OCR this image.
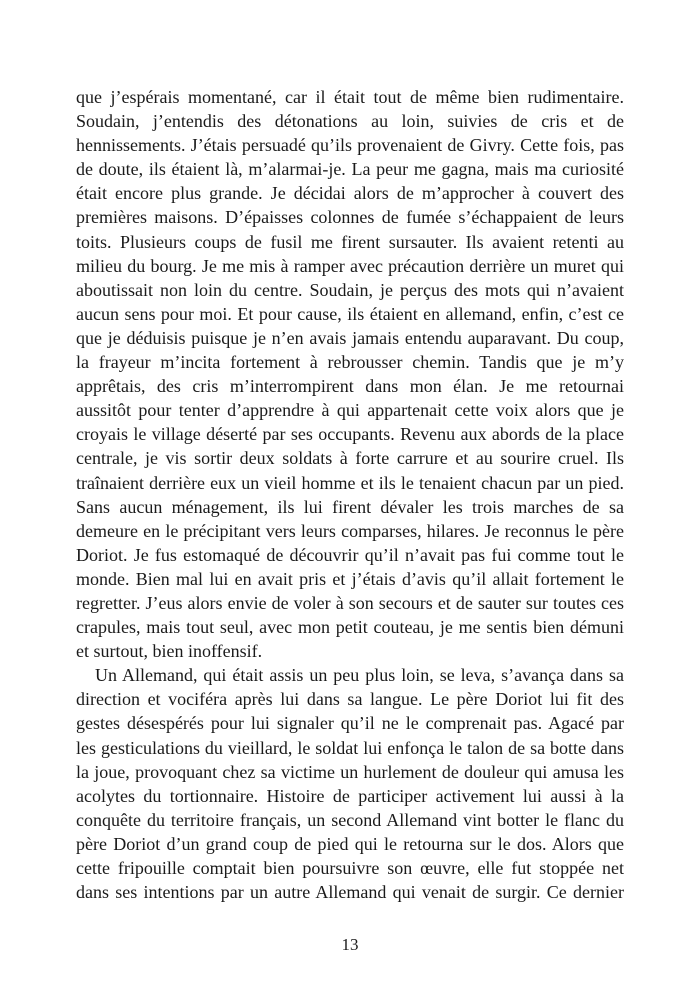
que j’espérais momentané, car il était tout de même bien rudimentaire.
Soudain, j’entendis des détonations au loin, suivies de cris et de
hennissements. J’étais persuadé qu’ils provenaient de Givry. Cette fois, pas
de doute, ils étaient là, m’alarmai-je. La peur me gagna, mais ma curiosité
était encore plus grande. Je décidai alors de m’approcher à couvert des
premières maisons. D’épaisses colonnes de fumée s’échappaient de leurs
toits. Plusieurs coups de fusil me firent sursauter. Ils avaient retenti au
milieu du bourg. Je me mis à ramper avec précaution derrière un muret qui
aboutissait non loin du centre. Soudain, je perçus des mots qui n’avaient
aucun sens pour moi. Et pour cause, ils étaient en allemand, enfin, c’est ce
que je déduisis puisque je n’en avais jamais entendu auparavant. Du coup,
la frayeur m’incita fortement à rebrousser chemin. Tandis que je m’y
apprêtais, des cris m’interrompirent dans mon élan. Je me retournai
aussitôt pour tenter d’apprendre à qui appartenait cette voix alors que je
croyais le village déserté par ses occupants. Revenu aux abords de la place
centrale, je vis sortir deux soldats à forte carrure et au sourire cruel. Ils
traînaient derrière eux un vieil homme et ils le tenaient chacun par un pied.
Sans aucun ménagement, ils lui firent dévaler les trois marches de sa
demeure en le précipitant vers leurs comparses, hilares. Je reconnus le père
Doriot. Je fus estomaqué de découvrir qu’il n’avait pas fui comme tout le
monde. Bien mal lui en avait pris et j’étais d’avis qu’il allait fortement le
regretter. J’eus alors envie de voler à son secours et de sauter sur toutes ces
crapules, mais tout seul, avec mon petit couteau, je me sentis bien démuni
et surtout, bien inoffensif.
Un Allemand, qui était assis un peu plus loin, se leva, s’avança dans sa
direction et vociféra après lui dans sa langue. Le père Doriot lui fit des
gestes désespérés pour lui signaler qu’il ne le comprenait pas. Agacé par
les gesticulations du vieillard, le soldat lui enfonça le talon de sa botte dans
la joue, provoquant chez sa victime un hurlement de douleur qui amusa les
acolytes du tortionnaire. Histoire de participer activement lui aussi à la
conquête du territoire français, un second Allemand vint botter le flanc du
père Doriot d’un grand coup de pied qui le retourna sur le dos. Alors que
cette fripouille comptait bien poursuivre son œuvre, elle fut stoppée net
dans ses intentions par un autre Allemand qui venait de surgir. Ce dernier
13
